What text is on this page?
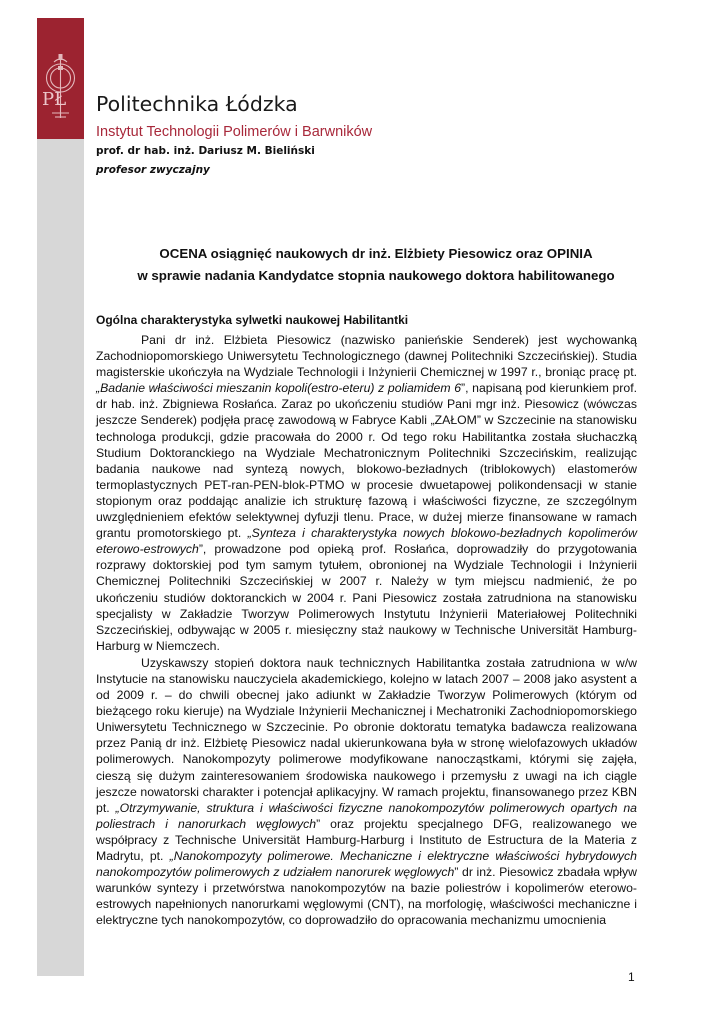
PŁ Politechnika Łódzka
Instytut Technologii Polimerów i Barwników
prof. dr hab. inż. Dariusz M. Bieliński
profesor zwyczajny
OCENA osiągnięć naukowych dr inż. Elżbiety Piesowicz oraz OPINIA
w sprawie nadania Kandydatce stopnia naukowego doktora habilitowanego
Ogólna charakterystyka sylwetki naukowej Habilitantki

Pani dr inż. Elżbieta Piesowicz (nazwisko panieńskie Senderek) jest wychowanką Zachodniopomorskiego Uniwersytetu Technologicznego (dawnej Politechniki Szczecińskiej). Studia magisterskie ukończyła na Wydziale Technologii i Inżynierii Chemicznej w 1997 r., broniąc pracę pt. „Badanie właściwości mieszanin kopoli(estro-eteru) z poliamidem 6”, napisaną pod kierunkiem prof. dr hab. inż. Zbigniewa Rosłańca. Zaraz po ukończeniu studiów Pani mgr inż. Piesowicz (wówczas jeszcze Senderek) podjęła pracę zawodową w Fabryce Kabli „ZAŁOM” w Szczecinie na stanowisku technologa produkcji, gdzie pracowała do 2000 r. Od tego roku Habilitantka została słuchaczką Studium Doktoranckiego na Wydziale Mechatronicznym Politechniki Szczecińskim, realizując badania naukowe nad syntezą nowych, blokowo-bezładnych (triblokowych) elastomerów termoplastycznych PET-ran-PEN-blok-PTMO w procesie dwuetapowej polikondensacji w stanie stopionym oraz poddając analizie ich strukturę fazową i właściwości fizyczne, ze szczególnym uwzględnieniem efektów selektywnej dyfuzji tlenu. Prace, w dużej mierze finansowane w ramach grantu promotorskiego pt. „Synteza i charakterystyka nowych blokowo-bezładnych kopolimerów eterowo-estrowych”, prowadzone pod opieką prof. Rosłańca, doprowadziły do przygotowania rozprawy doktorskiej pod tym samym tytułem, obronionej na Wydziale Technologii i Inżynierii Chemicznej Politechniki Szczecińskiej w 2007 r. Należy w tym miejscu nadmienić, że po ukończeniu studiów doktoranckich w 2004 r. Pani Piesowicz została zatrudniona na stanowisku specjalisty w Zakładzie Tworzyw Polimerowych Instytutu Inżynierii Materiałowej Politechniki Szczecińskiej, odbywając w 2005 r. miesięczny staż naukowy w Technische Universität Hamburg-Harburg w Niemczech.

Uzyskawszy stopień doktora nauk technicznych Habilitantka została zatrudniona w w/w Instytucie na stanowisku nauczyciela akademickiego, kolejno w latach 2007 – 2008 jako asystent a od 2009 r. – do chwili obecnej jako adiunkt w Zakładzie Tworzyw Polimerowych (którym od bieżącego roku kieruje) na Wydziale Inżynierii Mechanicznej i Mechatroniki Zachodniopomorskiego Uniwersytetu Technicznego w Szczecinie. Po obronie doktoratu tematyka badawcza realizowana przez Panią dr inż. Elżbietę Piesowicz nadal ukierunkowana była w stronę wielofazowych układów polimerowych. Nanokompozyty polimerowe modyfikowane nanocząstkami, którymi się zajęła, cieszą się dużym zainteresowaniem środowiska naukowego i przemysłu z uwagi na ich ciągle jeszcze nowatorski charakter i potencjał aplikacyjny. W ramach projektu, finansowanego przez KBN pt. „Otrzymywanie, struktura i właściwości fizyczne nanokompozytów polimerowych opartych na poliestrach i nanorurkach węglowych” oraz projektu specjalnego DFG, realizowanego we współpracy z Technische Universität Hamburg-Harburg i Instituto de Estructura de la Materia z Madrytu, pt. „Nanokompozyty polimerowe. Mechaniczne i elektryczne właściwości hybrydowych nanokompozytów polimerowych z udziałem nanorurek węglowych” dr inż. Piesowicz zbadała wpływ warunków syntezy i przetwórstwa nanokompozytów na bazie poliestrów i kopolimerów eterowo-estrowych napełnionych nanorurkami węglowymi (CNT), na morfologię, właściwości mechaniczne i elektryczne tych nanokompozytów, co doprowadziło do opracowania mechanizmu umocnienia

1
